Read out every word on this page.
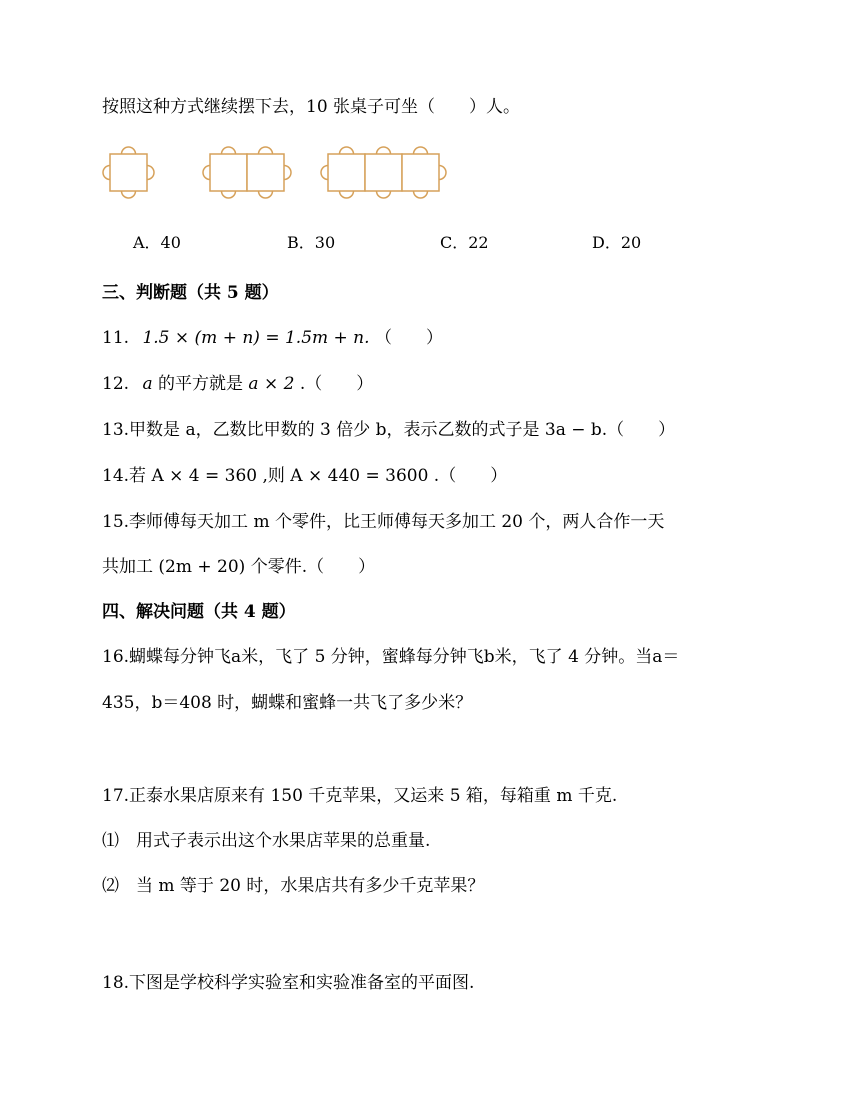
按照这种方式继续摆下去，10 张桌子可坐（　　）人。
A．40	B．30	C．22	D．20
三、判断题（共 5 题）
11. 1.5 × (m + n) = 1.5m + n. （　　）
12. a 的平方就是 a × 2 .（　　）
13.甲数是 a，乙数比甲数的 3 倍少 b，表示乙数的式子是 3a − b.（　　）
14.若 A × 4 = 360 ,则 A × 440 = 3600 .（　　）
15.李师傅每天加工 m 个零件，比王师傅每天多加工 20 个，两人合作一天
共加工 (2m + 20) 个零件.（　　）
四、解决问题（共 4 题）
16.蝴蝶每分钟飞a米，飞了 5 分钟，蜜蜂每分钟飞b米，飞了 4 分钟。当a＝
435，b＝408 时，蝴蝶和蜜蜂一共飞了多少米？
17.正泰水果店原来有 150 千克苹果，又运来 5 箱，每箱重 m 千克.
⑴　用式子表示出这个水果店苹果的总重量.
⑵　当 m 等于 20 时，水果店共有多少千克苹果？
18.下图是学校科学实验室和实验准备室的平面图.
